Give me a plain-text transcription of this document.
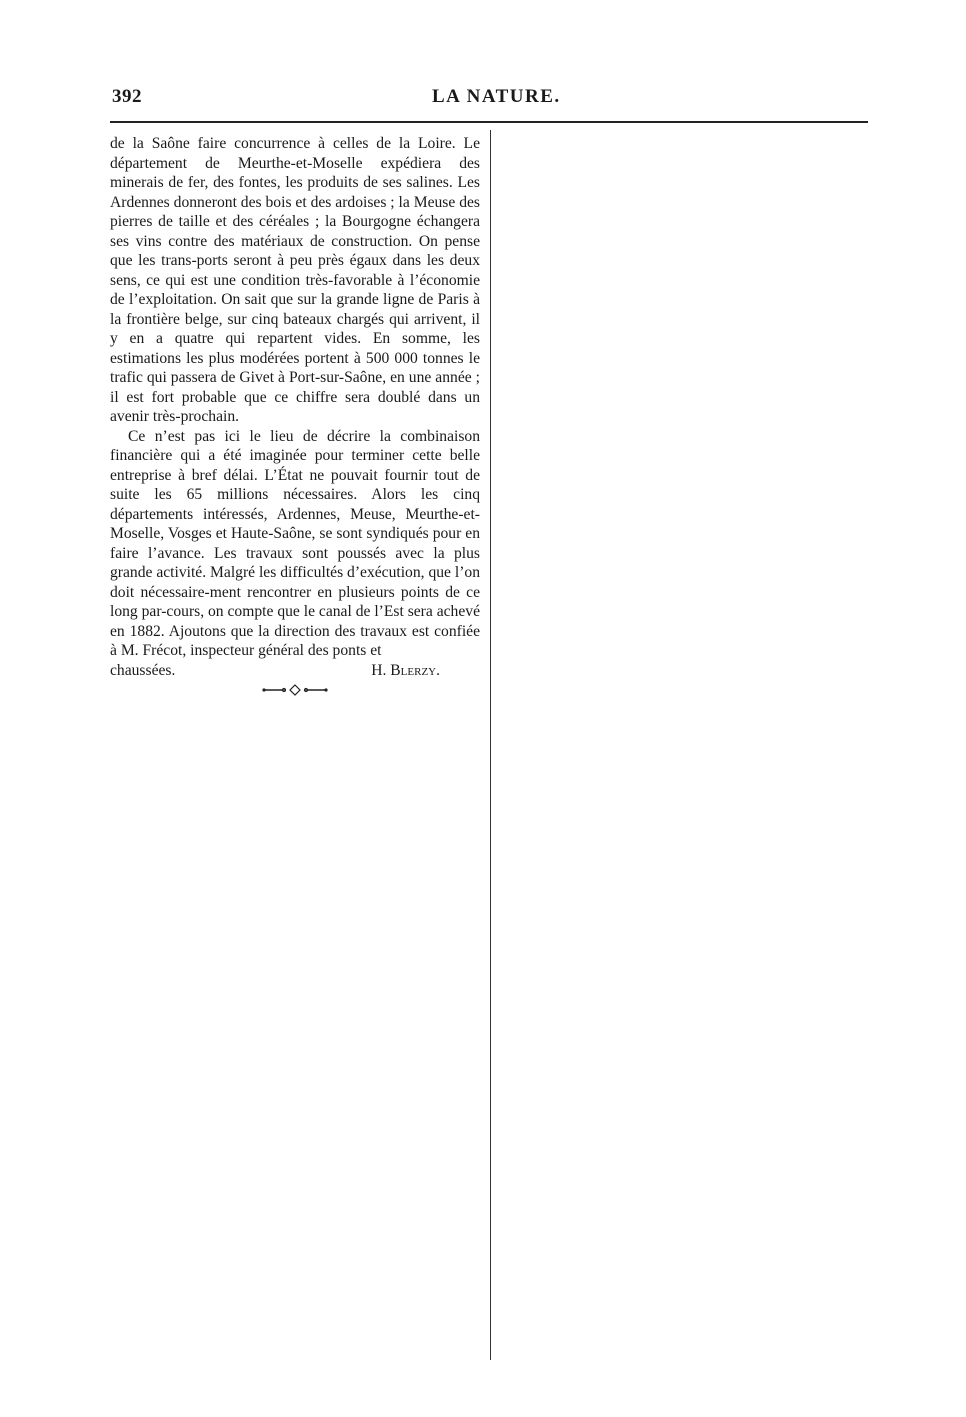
392	LA NATURE.

de la Saône faire concurrence à celles de la Loire. Le département de Meurthe-et-Moselle expédiera des minerais de fer, des fontes, les produits de ses salines. Les Ardennes donneront des bois et des ardoises ; la Meuse des pierres de taille et des céréales ; la Bourgogne échangera ses vins contre des matériaux de construction. On pense que les trans-ports seront à peu près égaux dans les deux sens, ce qui est une condition très-favorable à l’économie de l’exploitation. On sait que sur la grande ligne de Paris à la frontière belge, sur cinq bateaux chargés qui arrivent, il y en a quatre qui repartent vides. En somme, les estimations les plus modérées portent à 500 000 tonnes le trafic qui passera de Givet à Port-sur-Saône, en une année ; il est fort probable que ce chiffre sera doublé dans un avenir très-prochain.

Ce n’est pas ici le lieu de décrire la combinaison financière qui a été imaginée pour terminer cette belle entreprise à bref délai. L’État ne pouvait fournir tout de suite les 65 millions nécessaires. Alors les cinq départements intéressés, Ardennes, Meuse, Meurthe-et-Moselle, Vosges et Haute-Saône, se sont syndiqués pour en faire l’avance. Les travaux sont poussés avec la plus grande activité. Malgré les difficultés d’exécution, que l’on doit nécessaire-ment rencontrer en plusieurs points de ce long par-cours, on compte que le canal de l’Est sera achevé en 1882. Ajoutons que la direction des travaux est confiée à M. Frécot, inspecteur général des ponts et

chaussées.	H. Blerzy.
